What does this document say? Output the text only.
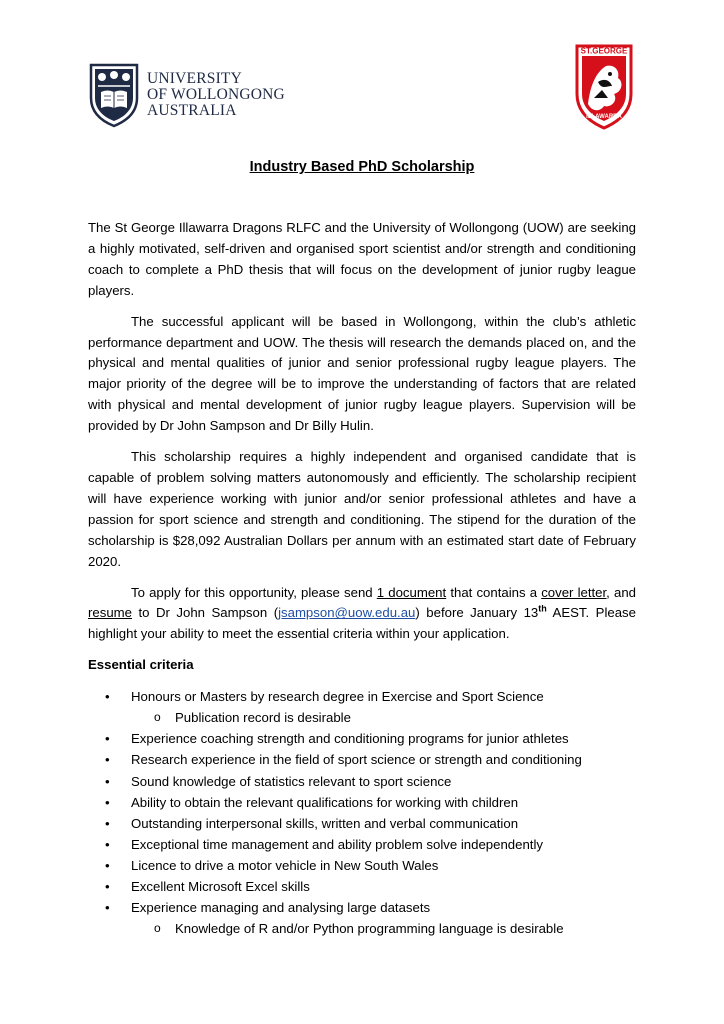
UNIVERSITY
OF WOLLONGONG
AUSTRALIA
ST.GEORGE
ILLAWARRA
Industry Based PhD Scholarship

The St George Illawarra Dragons RLFC and the University of Wollongong (UOW) are seeking a highly motivated, self-driven and organised sport scientist and/or strength and conditioning coach to complete a PhD thesis that will focus on the development of junior rugby league players.

The successful applicant will be based in Wollongong, within the club’s athletic performance department and UOW. The thesis will research the demands placed on, and the physical and mental qualities of junior and senior professional rugby league players. The major priority of the degree will be to improve the understanding of factors that are related with physical and mental development of junior rugby league players. Supervision will be provided by Dr John Sampson and Dr Billy Hulin.

This scholarship requires a highly independent and organised candidate that is capable of problem solving matters autonomously and efficiently. The scholarship recipient will have experience working with junior and/or senior professional athletes and have a passion for sport science and strength and conditioning. The stipend for the duration of the scholarship is $28,092 Australian Dollars per annum with an estimated start date of February 2020.

To apply for this opportunity, please send 1 document that contains a cover letter, and resume to Dr John Sampson (jsampson@uow.edu.au) before January 13th AEST. Please highlight your ability to meet the essential criteria within your application.

Essential criteria

• Honours or Masters by research degree in Exercise and Sport Science
o Publication record is desirable
• Experience coaching strength and conditioning programs for junior athletes
• Research experience in the field of sport science or strength and conditioning
• Sound knowledge of statistics relevant to sport science
• Ability to obtain the relevant qualifications for working with children
• Outstanding interpersonal skills, written and verbal communication
• Exceptional time management and ability problem solve independently
• Licence to drive a motor vehicle in New South Wales
• Excellent Microsoft Excel skills
• Experience managing and analysing large datasets
o Knowledge of R and/or Python programming language is desirable
